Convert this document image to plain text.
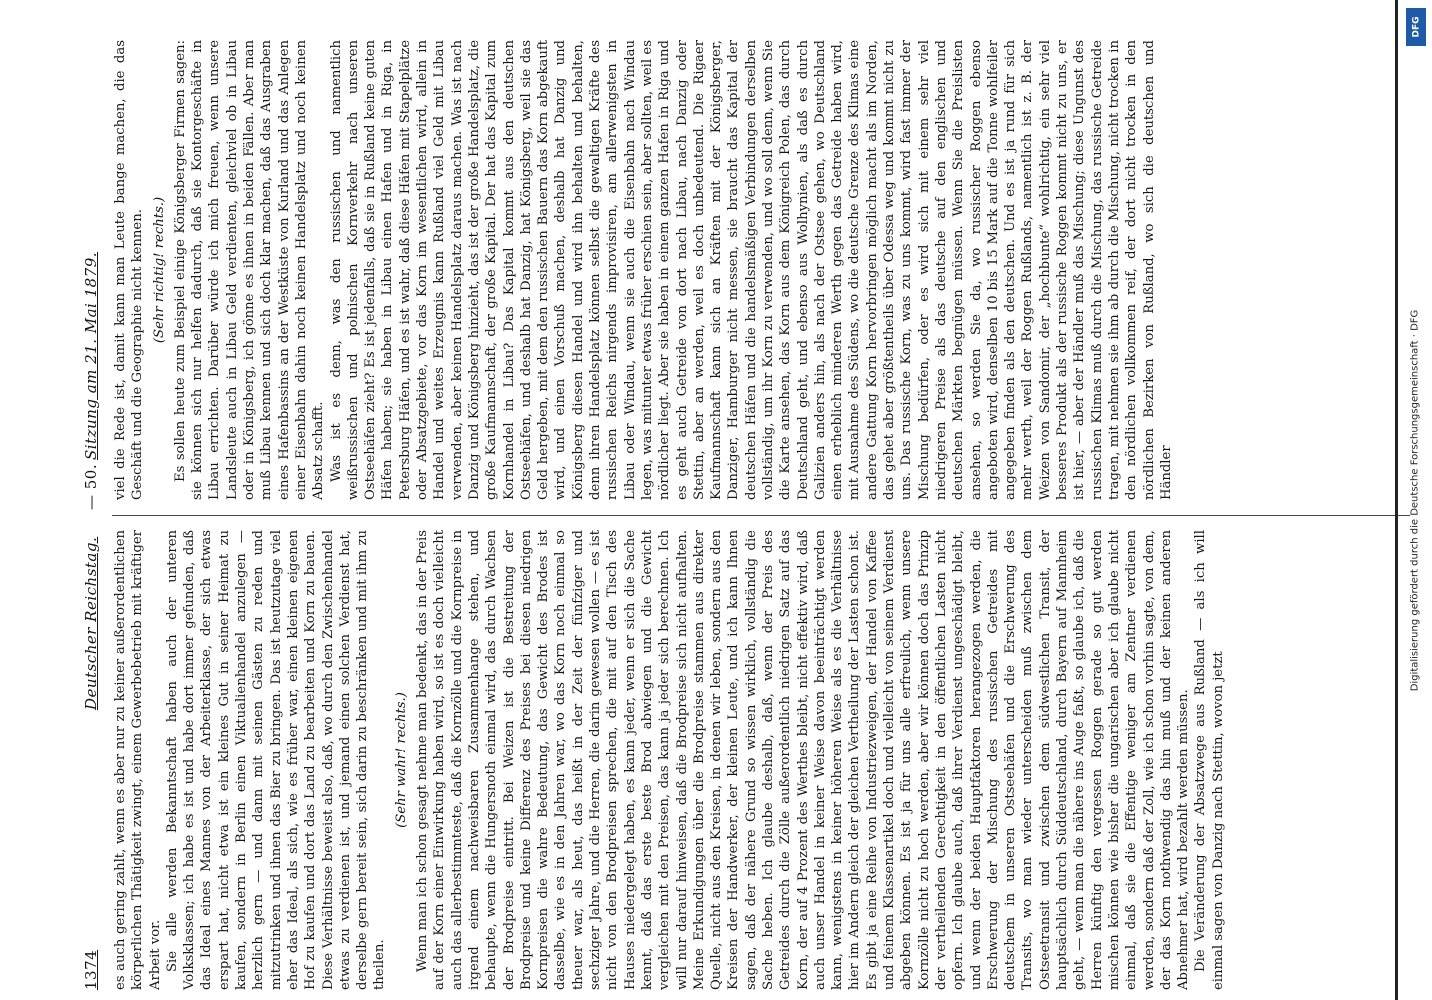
1374
Deutscher Reichstag.
— 50.
Sitzung am 21. Mai 1879.

es auch gering zahlt, wenn es aber nur zu keiner außerordentlichen körperlichen Thätigkeit zwingt, einem Gewerbebetrieb mit kräftiger Arbeit vor. Sie alle werden Bekanntschaft haben auch der unteren Volksklassen; ich habe es ist und habe dort immer gefunden, daß das Ideal eines Mannes von der Arbeiterklasse, der sich etwas erspart hat, nicht etwa ist ein kleines Gut in seiner Heimat zu kaufen, sondern in Berlin einen Viktualienhandel anzulegen — herzlich gern — und dann mit seinen Gästen zu reden und mitzutrinken und ihnen das Bier zu bringen. Das ist heutzutage viel eher das Ideal, als sich, wie es früher war, einen kleinen eigenen Hof zu kaufen und dort das Land zu bearbeiten und Korn zu bauen. Diese Verhältnisse beweist also, daß, wo durch den Zwischenhandel etwas zu verdienen ist, und jemand einen solchen Verdienst hat, derselbe gern bereit sein, sich darin zu beschränken und mit ihm zu theilen.

(Sehr wahr! rechts.) Wenn man ich schon gesagt nehme man bedenkt, das in der Preis auf der Korn einer Einwirkung haben wird, so ist es doch vielleicht auch das allerbestimmteste, daß die Kornzölle und die Kornpreise in irgend einem nachweisbaren Zusammenhange stehen, und behaupte, wenn die Hungersnoth einmal wird, das durch Wachsen der Brodpreise eintritt. Bei Weizen ist die Bestreitung der Brodpreise und keine Differenz des Preises bei diesen niedrigen Kornpreisen die wahre Bedeutung, das Gewicht des Brodes ist dasselbe, wie es in den Jahren war, wo das Korn noch einmal so theuer war, als heut, das heißt in der Zeit der fünfziger und sechziger Jahre, und die Herren, die darin gewesen wollen — es ist nicht von den Brodpreisen sprechen, die mit auf den Tisch des Hauses niedergelegt haben, es kann jeder, wenn er sich die Sache kennt, daß das erste beste Brod abwiegen und die Gewicht vergleichen mit den Preisen, das kann ja jeder sich berechnen. Ich will nur darauf hinweisen, daß die Brodpreise sich nicht aufhalten. Meine Erkundigungen über die Brodpreise stammen aus direkter Quelle, nicht aus den Kreisen, in denen wir leben, sondern aus den Kreisen der Handwerker, der kleinen Leute, und ich kann Ihnen sagen, daß der nähere Grund so wissen wirklich, vollständig die Sache heben. Ich glaube deshalb, daß, wenn der Preis des Getreides durch die Zölle außerordentlich niedrigen Satz auf das Korn, der auf 4 Prozent des Werthes bleibt, nicht effektiv wird, daß auch unser Handel in keiner Weise davon beeinträchtigt werden kann, wenigstens in keiner höheren Weise als es die Verhältnisse hier im Andern gleich der gleichen Vertheilung der Lasten schon ist. Es gibt ja eine Reihe von Industriezweigen, der Handel von Kaffee und feinem Klassenartikel doch und vielleicht von seinem Verdienst abgeben können. Es ist ja für uns alle erfreulich, wenn unsere Kornzölle nicht zu hoch werden, aber wir können doch das Prinzip der vertheilenden Gerechtigkeit in den öffentlichen Lasten nicht opfern. Ich glaube auch, daß ihrer Verdienst ungeschädigt bleibt, und wenn der beiden Hauptfaktoren herangezogen werden, die Erschwerung der Mischung des russischen Getreides mit deutschem in unseren Ostseehäfen und die Erschwerung des Transits, wo man wieder unterscheiden muß zwischen dem Ostseetransit und zwischen dem südwestlichen Transit, der hauptsächlich durch Süddeutschland, durch Bayern auf Mannheim geht, — wenn man die nähere ins Auge faßt, so glaube ich, daß die Herren künftig den vergessen Roggen gerade so gut werden mischen können wie bisher die ungarischen aber ich glaube nicht einmal, daß sie die Effentige weniger am Zentner verdienen werden, sondern daß der Zoll, wie ich schon vorhin sagte, von dem, der das Korn nothwendig das hin muß und der keinen anderen Abnehmer hat, wird bezahlt werden müssen. Die Veränderung der Absatzwege aus Rußland — als ich will einmal sagen von Danzig nach Stettin, wovon jetzt

viel die Rede ist, damit kann man Leute bange machen, die das Geschäft und die Geographie nicht kennen. (Sehr richtig! rechts.) Es sollen heute zum Beispiel einige Königsberger Firmen sagen: sie können sich nur helfen dadurch, daß sie Kontorgeschäfte in Libau errichten. Darüber würde ich mich freuen, wenn unsere Landsleute auch in Libau Geld verdienten, gleichviel ob in Libau oder in Königsberg, ich gönne es ihnen in beiden Fällen. Aber man muß Libau kennen und sich doch klar machen, daß das Ausgraben eines Hafenbassins an der Westküste von Kurland und das Anlegen einer Eisenbahn dahin noch keinen Handelsplatz und noch keinen Absatz schafft. Was ist es denn, was den russischen und namentlich weißrussischen und polnischen Kornverkehr nach unseren Ostseehäfen zieht? Es ist jedenfalls, daß sie in Rußland keine guten Häfen haben; sie haben in Libau einen Hafen und in Riga, in Petersburg Häfen, und es ist wahr, daß diese Häfen mit Stapelplätze oder Absatzgebiete, vor das Korn im wesentlichen wird, allein in Handel und weites Erzeugnis kann Rußland viel Geld mit Libau verwenden, aber keinen Handelsplatz daraus machen. Was ist nach Danzig und Königsberg hinzieht, das ist der große Handelsplatz, die große Kaufmannschaft, der große Kapital. Der hat das Kapital zum Kornhandel in Libau? Das Kapital kommt aus den deutschen Ostseehäfen, und deshalb hat Danzig, hat Königsberg, weil sie das Geld hergeben, mit dem den russischen Bauern das Korn abgekauft wird, und einen Vorschuß machen, deshalb hat Danzig und Königsberg diesen Handel und wird ihn behalten und behalten, denn ihren Handelsplatz können selbst die gewaltigen Kräfte des russischen Reichs nirgends improvisiren, am allerwenigsten in Libau oder Windau, wenn sie auch die Eisenbahn nach Windau legen, was mitunter etwas früher erschien sein, aber sollten, weil es nördlicher liegt. Aber sie haben in einem ganzen Hafen in Riga und es geht auch Getreide von dort nach Libau, nach Danzig oder Stettin, aber an werden, weil es doch unbedeutend. Die Rigaer Kaufmannschaft kann sich an Kräften mit der Königsberger, Danziger, Hamburger nicht messen, sie braucht das Kapital der deutschen Häfen und die handelsmäßigen Verbindungen derselben vollständig, um ihr Korn zu verwenden, und wo soll denn, wenn Sie die Karte ansehen, das Korn aus dem Königreich Polen, das durch Deutschland geht, und ebenso aus Wolhynien, als daß es durch Galizien anders hin, als nach der Ostsee gehen, wo Deutschland einen erheblich minderen Werth gegen das Getreide haben wird, mit Ausnahme des Südens, wo die deutsche Grenze des Klimas eine andere Gattung Korn hervorbringen möglich macht als im Norden, das gehet aber größtentheils über Odessa weg und kommt nicht zu uns. Das russische Korn, was zu uns kommt, wird fast immer der Mischung bedürfen, oder es wird sich mit einem sehr viel niedrigeren Preise als das deutsche auf den englischen und deutschen Märkten begnügen müssen. Wenn Sie die Preislisten ansehen, so werden Sie da, wo russischer Roggen ebenso angeboten wird, denselben 10 bis 15 Mark auf die Tonne wohlfeiler angegeben finden als den deutschen. Und es ist ja rund für sich mehr werth, weil der Roggen Rußlands, namentlich ist z. B. der Weizen von Sandomir, der „hochbunte“ wohlrichtig, ein sehr viel besseres Produkt als der russische Roggen kommt nicht zu uns, er ist hier, — aber der Händler muß das Mischung; diese Ungunst des russischen Klimas muß durch die Mischung, das russische Getreide tragen, mit nehmen sie ihm ab durch die Mischung, nicht trocken in den nördlichen vollkommen reif, der dort nicht trocken in den nördlichen Bezirken von Rußland, wo sich die deutschen und Händler

DFG
Digitalisierung gefördert durch die Deutsche Forschungsgemeinschaft · DFG
